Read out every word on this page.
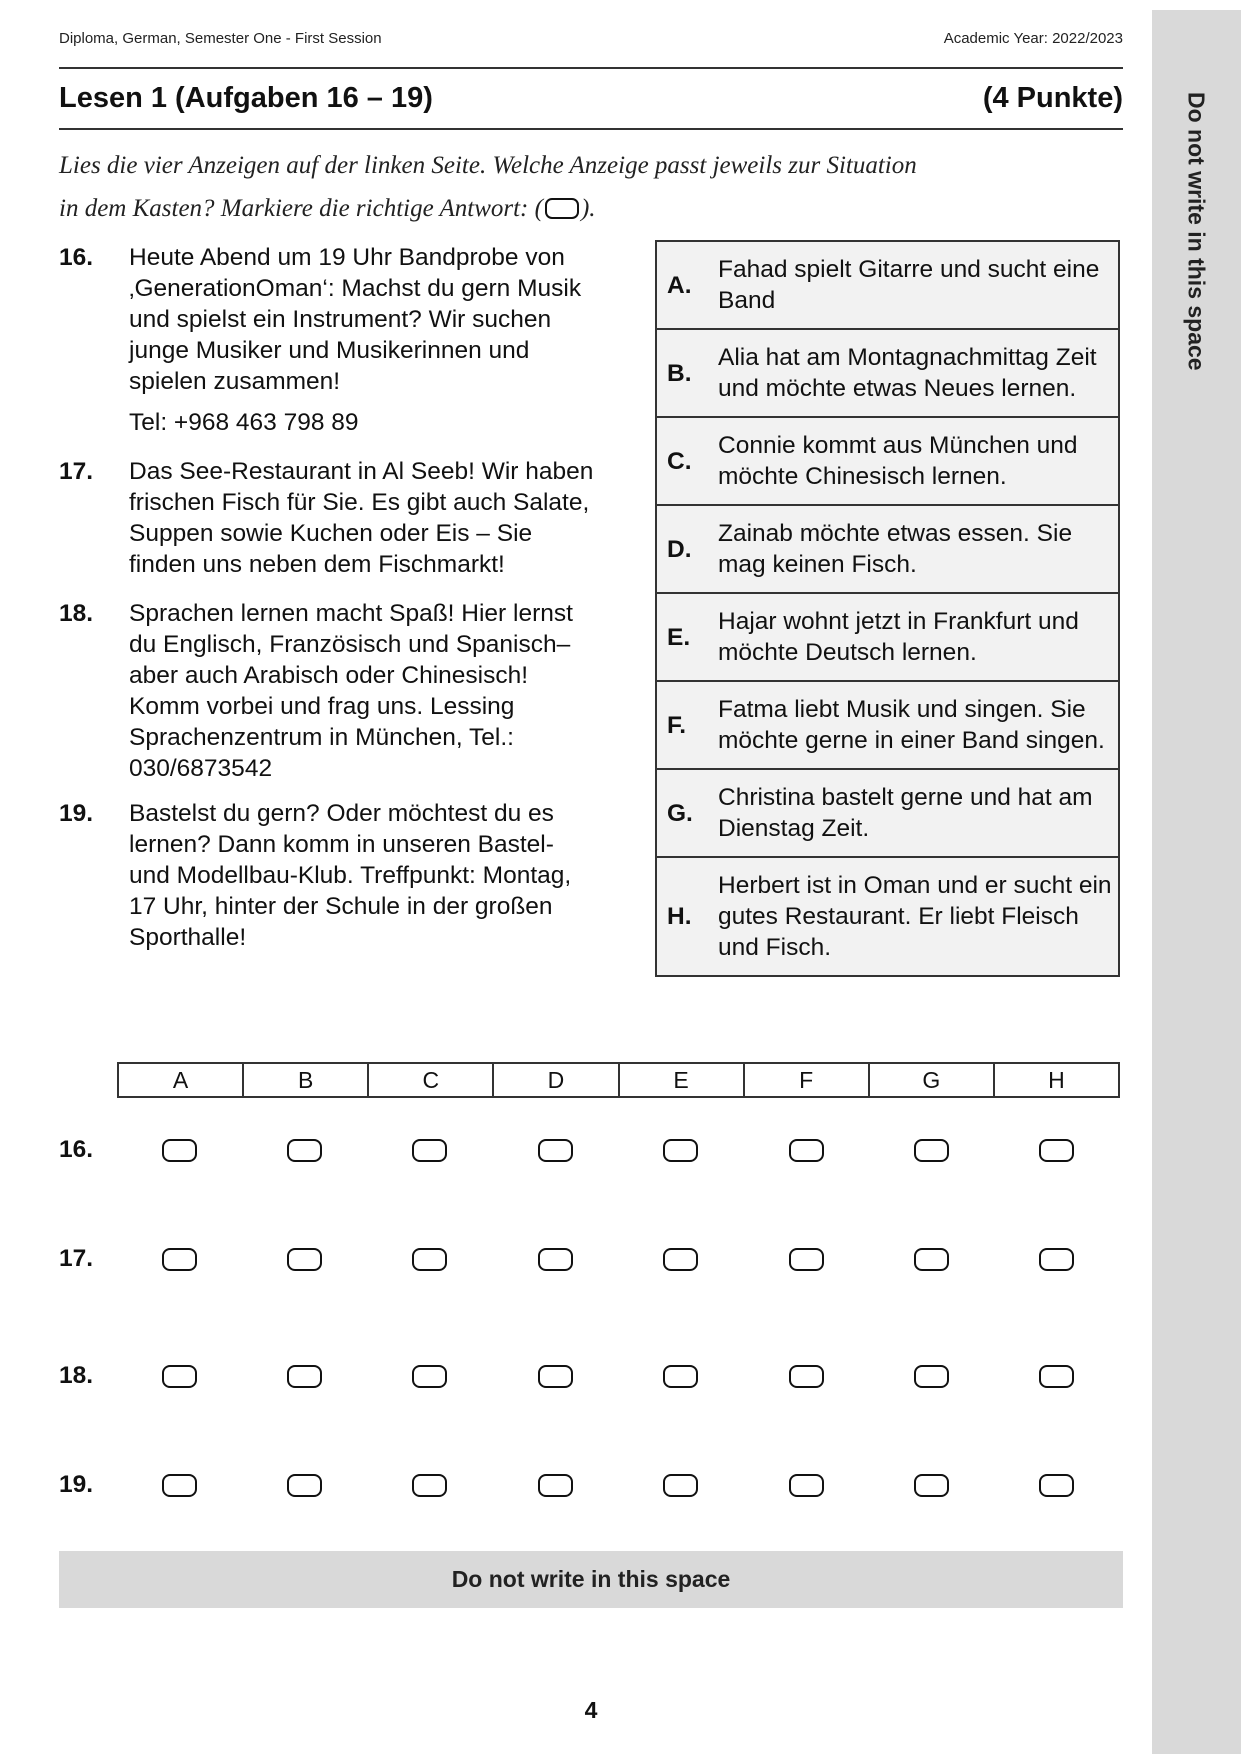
Do not write in this space
Diploma, German, Semester One - First Session	Academic Year: 2022/2023
Lesen 1 (Aufgaben 16 – 19)	(4 Punkte)
Lies die vier Anzeigen auf der linken Seite. Welche Anzeige passt jeweils zur Situation
in dem Kasten? Markiere die richtige Antwort: ( ).
16.	Heute Abend um 19 Uhr Bandprobe von ‚GenerationOman‘: Machst du gern Musik und spielst ein Instrument? Wir suchen junge Musiker und Musikerinnen und spielen zusammen!
Tel: +968 463 798 89
17.	Das See-Restaurant in Al Seeb! Wir haben frischen Fisch für Sie. Es gibt auch Salate, Suppen sowie Kuchen oder Eis – Sie finden uns neben dem Fischmarkt!
18.	Sprachen lernen macht Spaß! Hier lernst du Englisch, Französisch und Spanisch– aber auch Arabisch oder Chinesisch! Komm vorbei und frag uns. Lessing Sprachenzentrum in München, Tel.: 030/6873542
19.	Bastelst du gern? Oder möchtest du es lernen? Dann komm in unseren Bastel- und Modellbau-Klub. Treffpunkt: Montag, 17 Uhr, hinter der Schule in der großen Sporthalle!
A.	Fahad spielt Gitarre und sucht eine Band
B.	Alia hat am Montagnachmittag Zeit und möchte etwas Neues lernen.
C.	Connie kommt aus München und möchte Chinesisch lernen.
D.	Zainab möchte etwas essen. Sie mag keinen Fisch.
E.	Hajar wohnt jetzt in Frankfurt und möchte Deutsch lernen.
F.	Fatma liebt Musik und singen. Sie möchte gerne in einer Band singen.
G.	Christina bastelt gerne und hat am Dienstag Zeit.
H.	Herbert ist in Oman und er sucht ein gutes Restaurant. Er liebt Fleisch und Fisch.
A	B	C	D	E	F	G	H
16.
17.
18.
19.
Do not write in this space
4
